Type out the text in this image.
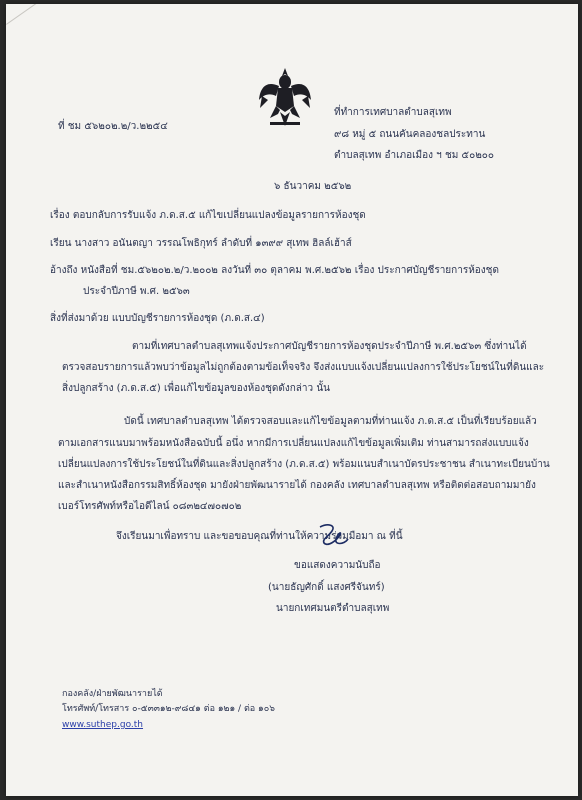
ที่ ชม ๕๖๒๐๒.๒/ว.๒๒๕๔
ที่ทำการเทศบาลตำบลสุเทพ
๙๘ หมู่ ๕ ถนนคันคลองชลประทาน
ตำบลสุเทพ อำเภอเมือง ฯ ชม ๕๐๒๐๐
๖ ธันวาคม ๒๕๖๒
เรื่อง ตอบกลับการรับแจ้ง ภ.ด.ส.๕ แก้ไขเปลี่ยนแปลงข้อมูลรายการห้องชุด
เรียน นางสาว อนันตญา วรรณโพธิกุทร์ ลำดับที่ ๑๓๙๙ สุเทพ ฮิลล์เฮ้าส์
อ้างถึง หนังสือที่ ชม.๕๖๒๐๒.๒/ว.๒๐๐๒ ลงวันที่ ๓๐ ตุลาคม พ.ศ.๒๕๖๒ เรื่อง ประกาศบัญชีรายการห้องชุด
ประจำปีภาษี พ.ศ. ๒๕๖๓
สิ่งที่ส่งมาด้วย แบบบัญชีรายการห้องชุด (ภ.ด.ส.๔)
ตามที่เทศบาลตำบลสุเทพแจ้งประกาศบัญชีรายการห้องชุดประจำปีภาษี พ.ศ.๒๕๖๓ ซึ่งท่านได้
ตรวจสอบรายการแล้วพบว่าข้อมูลไม่ถูกต้องตามข้อเท็จจริง จึงส่งแบบแจ้งเปลี่ยนแปลงการใช้ประโยชน์ในที่ดินและ
สิ่งปลูกสร้าง (ภ.ด.ส.๕) เพื่อแก้ไขข้อมูลของห้องชุดดังกล่าว นั้น
บัดนี้ เทศบาลตำบลสุเทพ ได้ตรวจสอบและแก้ไขข้อมูลตามที่ท่านแจ้ง ภ.ด.ส.๕ เป็นที่เรียบร้อยแล้ว
ตามเอกสารแนบมาพร้อมหนังสือฉบับนี้ อนึ่ง หากมีการเปลี่ยนแปลงแก้ไขข้อมูลเพิ่มเติม ท่านสามารถส่งแบบแจ้ง
เปลี่ยนแปลงการใช้ประโยชน์ในที่ดินและสิ่งปลูกสร้าง (ภ.ด.ส.๕) พร้อมแนบสำเนาบัตรประชาชน สำเนาทะเบียนบ้าน
และสำเนาหนังสือกรรมสิทธิ์ห้องชุด มายังฝ่ายพัฒนารายได้ กองคลัง เทศบาลตำบลสุเทพ หรือติดต่อสอบถามมายัง
เบอร์โทรศัพท์หรือไอดีไลน์ ๐๘๓๒๔๗๐๗๐๒
จึงเรียนมาเพื่อทราบ และขอขอบคุณที่ท่านให้ความร่วมมือมา ณ ที่นี้
ขอแสดงความนับถือ
(นายธัญศักดิ์ แสงศรีจันทร์)
นายกเทศมนตรีตำบลสุเทพ
กองคลัง/ฝ่ายพัฒนารายได้
โทรศัพท์/โทรสาร ๐-๕๓๓๑๒-๙๘๔๑ ต่อ ๑๒๑ / ต่อ ๑๐๖
www.suthep.go.th
